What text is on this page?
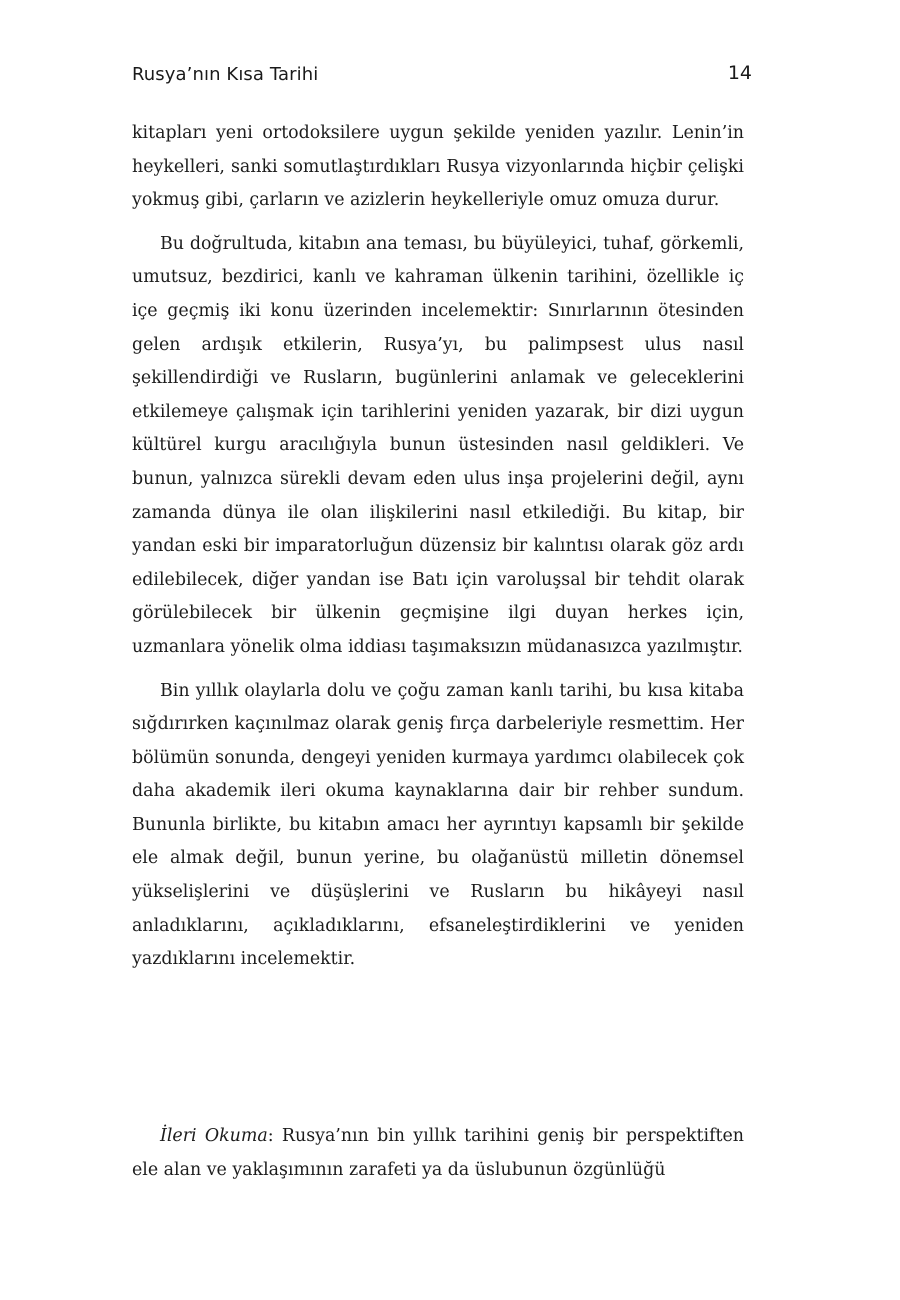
Rusya’nın Kısa Tarihi	14

kitapları yeni ortodoksilere uygun şekilde yeniden yazılır. Lenin’in heykelleri, sanki somutlaştırdıkları Rusya vizyonlarında hiçbir çelişki yokmuş gibi, çarların ve azizlerin heykelleriyle omuz omuza durur.

Bu doğrultuda, kitabın ana teması, bu büyüleyici, tuhaf, görkemli, umutsuz, bezdirici, kanlı ve kahraman ülkenin tarihini, özellikle iç içe geçmiş iki konu üzerinden incelemektir: Sınırlarının ötesinden gelen ardışık etkilerin, Rusya’yı, bu palimpsest ulus nasıl şekillendirdiği ve Rusların, bugünlerini anlamak ve geleceklerini etkilemeye çalışmak için tarihlerini yeniden yazarak, bir dizi uygun kültürel kurgu aracılığıyla bunun üstesinden nasıl geldikleri. Ve bunun, yalnızca sürekli devam eden ulus inşa projelerini değil, aynı zamanda dünya ile olan ilişkilerini nasıl etkilediği. Bu kitap, bir yandan eski bir imparatorluğun düzensiz bir kalıntısı olarak göz ardı edilebilecek, diğer yandan ise Batı için varoluşsal bir tehdit olarak görülebilecek bir ülkenin geçmişine ilgi duyan herkes için, uzmanlara yönelik olma iddiası taşımaksızın müdanasızca yazılmıştır.

Bin yıllık olaylarla dolu ve çoğu zaman kanlı tarihi, bu kısa kitaba sığdırırken kaçınılmaz olarak geniş fırça darbeleriyle resmettim. Her bölümün sonunda, dengeyi yeniden kurmaya yardımcı olabilecek çok daha akademik ileri okuma kaynaklarına dair bir rehber sundum. Bununla birlikte, bu kitabın amacı her ayrıntıyı kapsamlı bir şekilde ele almak değil, bunun yerine, bu olağanüstü milletin dönemsel yükselişlerini ve düşüşlerini ve Rusların bu hikâyeyi nasıl anladıklarını, açıkladıklarını, efsaneleştirdiklerini ve yeniden yazdıklarını incelemektir.

İleri Okuma: Rusya’nın bin yıllık tarihini geniş bir perspektiften ele alan ve yaklaşımının zarafeti ya da üslubunun özgünlüğü
